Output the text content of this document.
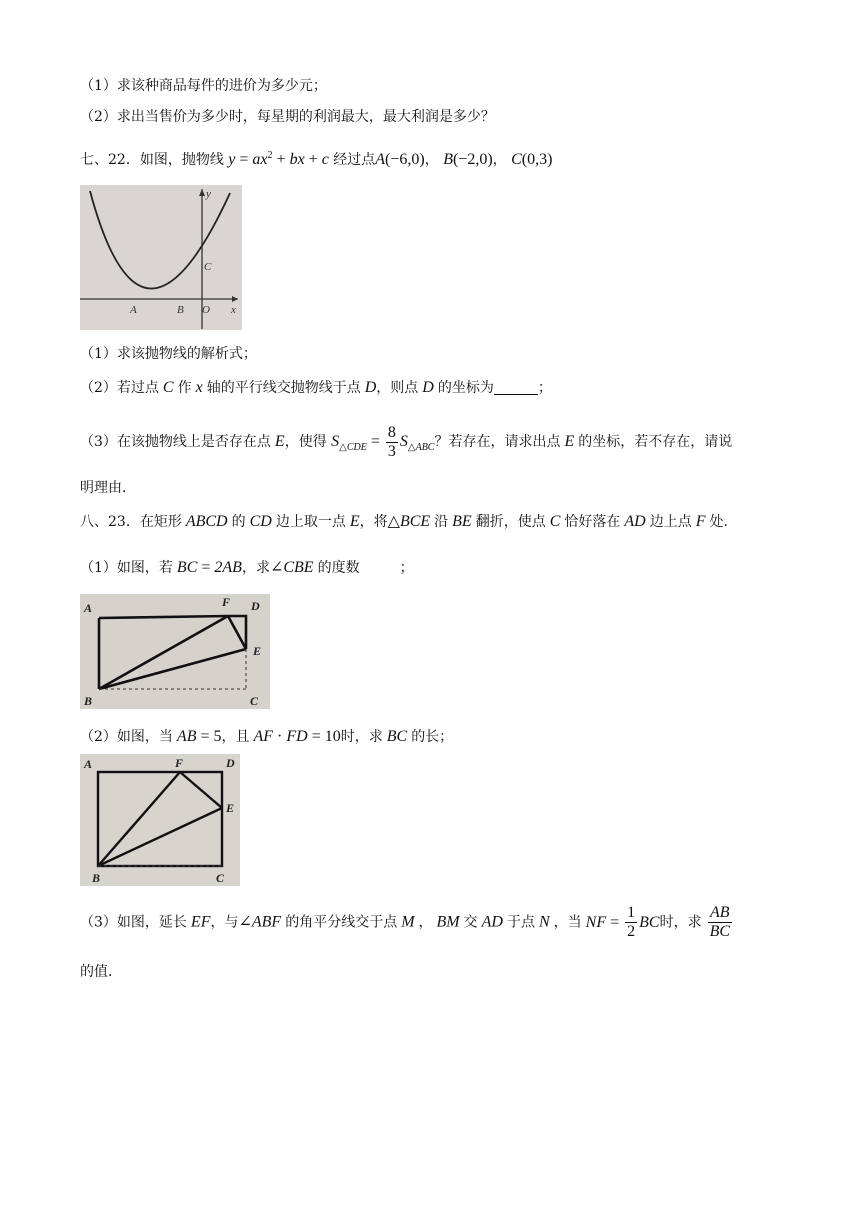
（1）求该种商品每件的进价为多少元；
（2）求出当售价为多少时，每星期的利润最大，最大利润是多少？
七、22．如图，抛物线 $y = ax^2$ + bx + c 经过点A(−6,0)， B(−2,0)， C(0,3)
y
x
A	B
C
O
（1）求该抛物线的解析式；
（2）若过点 C 作 x 轴的平行线交抛物线于点 D，则点 D 的坐标为	；
（3）在该抛物线上是否存在点 E，使得 $S_{\triangle CDE} = \frac{8}{3} S_{\triangle ABC}$？若存在，请求出点 E 的坐标，若不存在，请说
明理由．
八、23．在矩形 ABCD 的 CD 边上取一点 E，将△BCE 沿 BE 翻折，使点 C 恰好落在 AD 边上点 F 处．
（1）如图，若 BC = 2AB，求∠CBE 的度数	；
A	F D
E
B	C
（2）如图，当 AB = 5，且 AF · FD = 10时，求 BC 的长；
A	F	D
E
B	C
（3）如图，延长 EF，与∠ABF 的角平分线交于点 M ， BM 交 AD 于点 N ，当 NF = $\frac{1}{2}$ BC时，求 $\frac{AB}{BC}$
的值．
